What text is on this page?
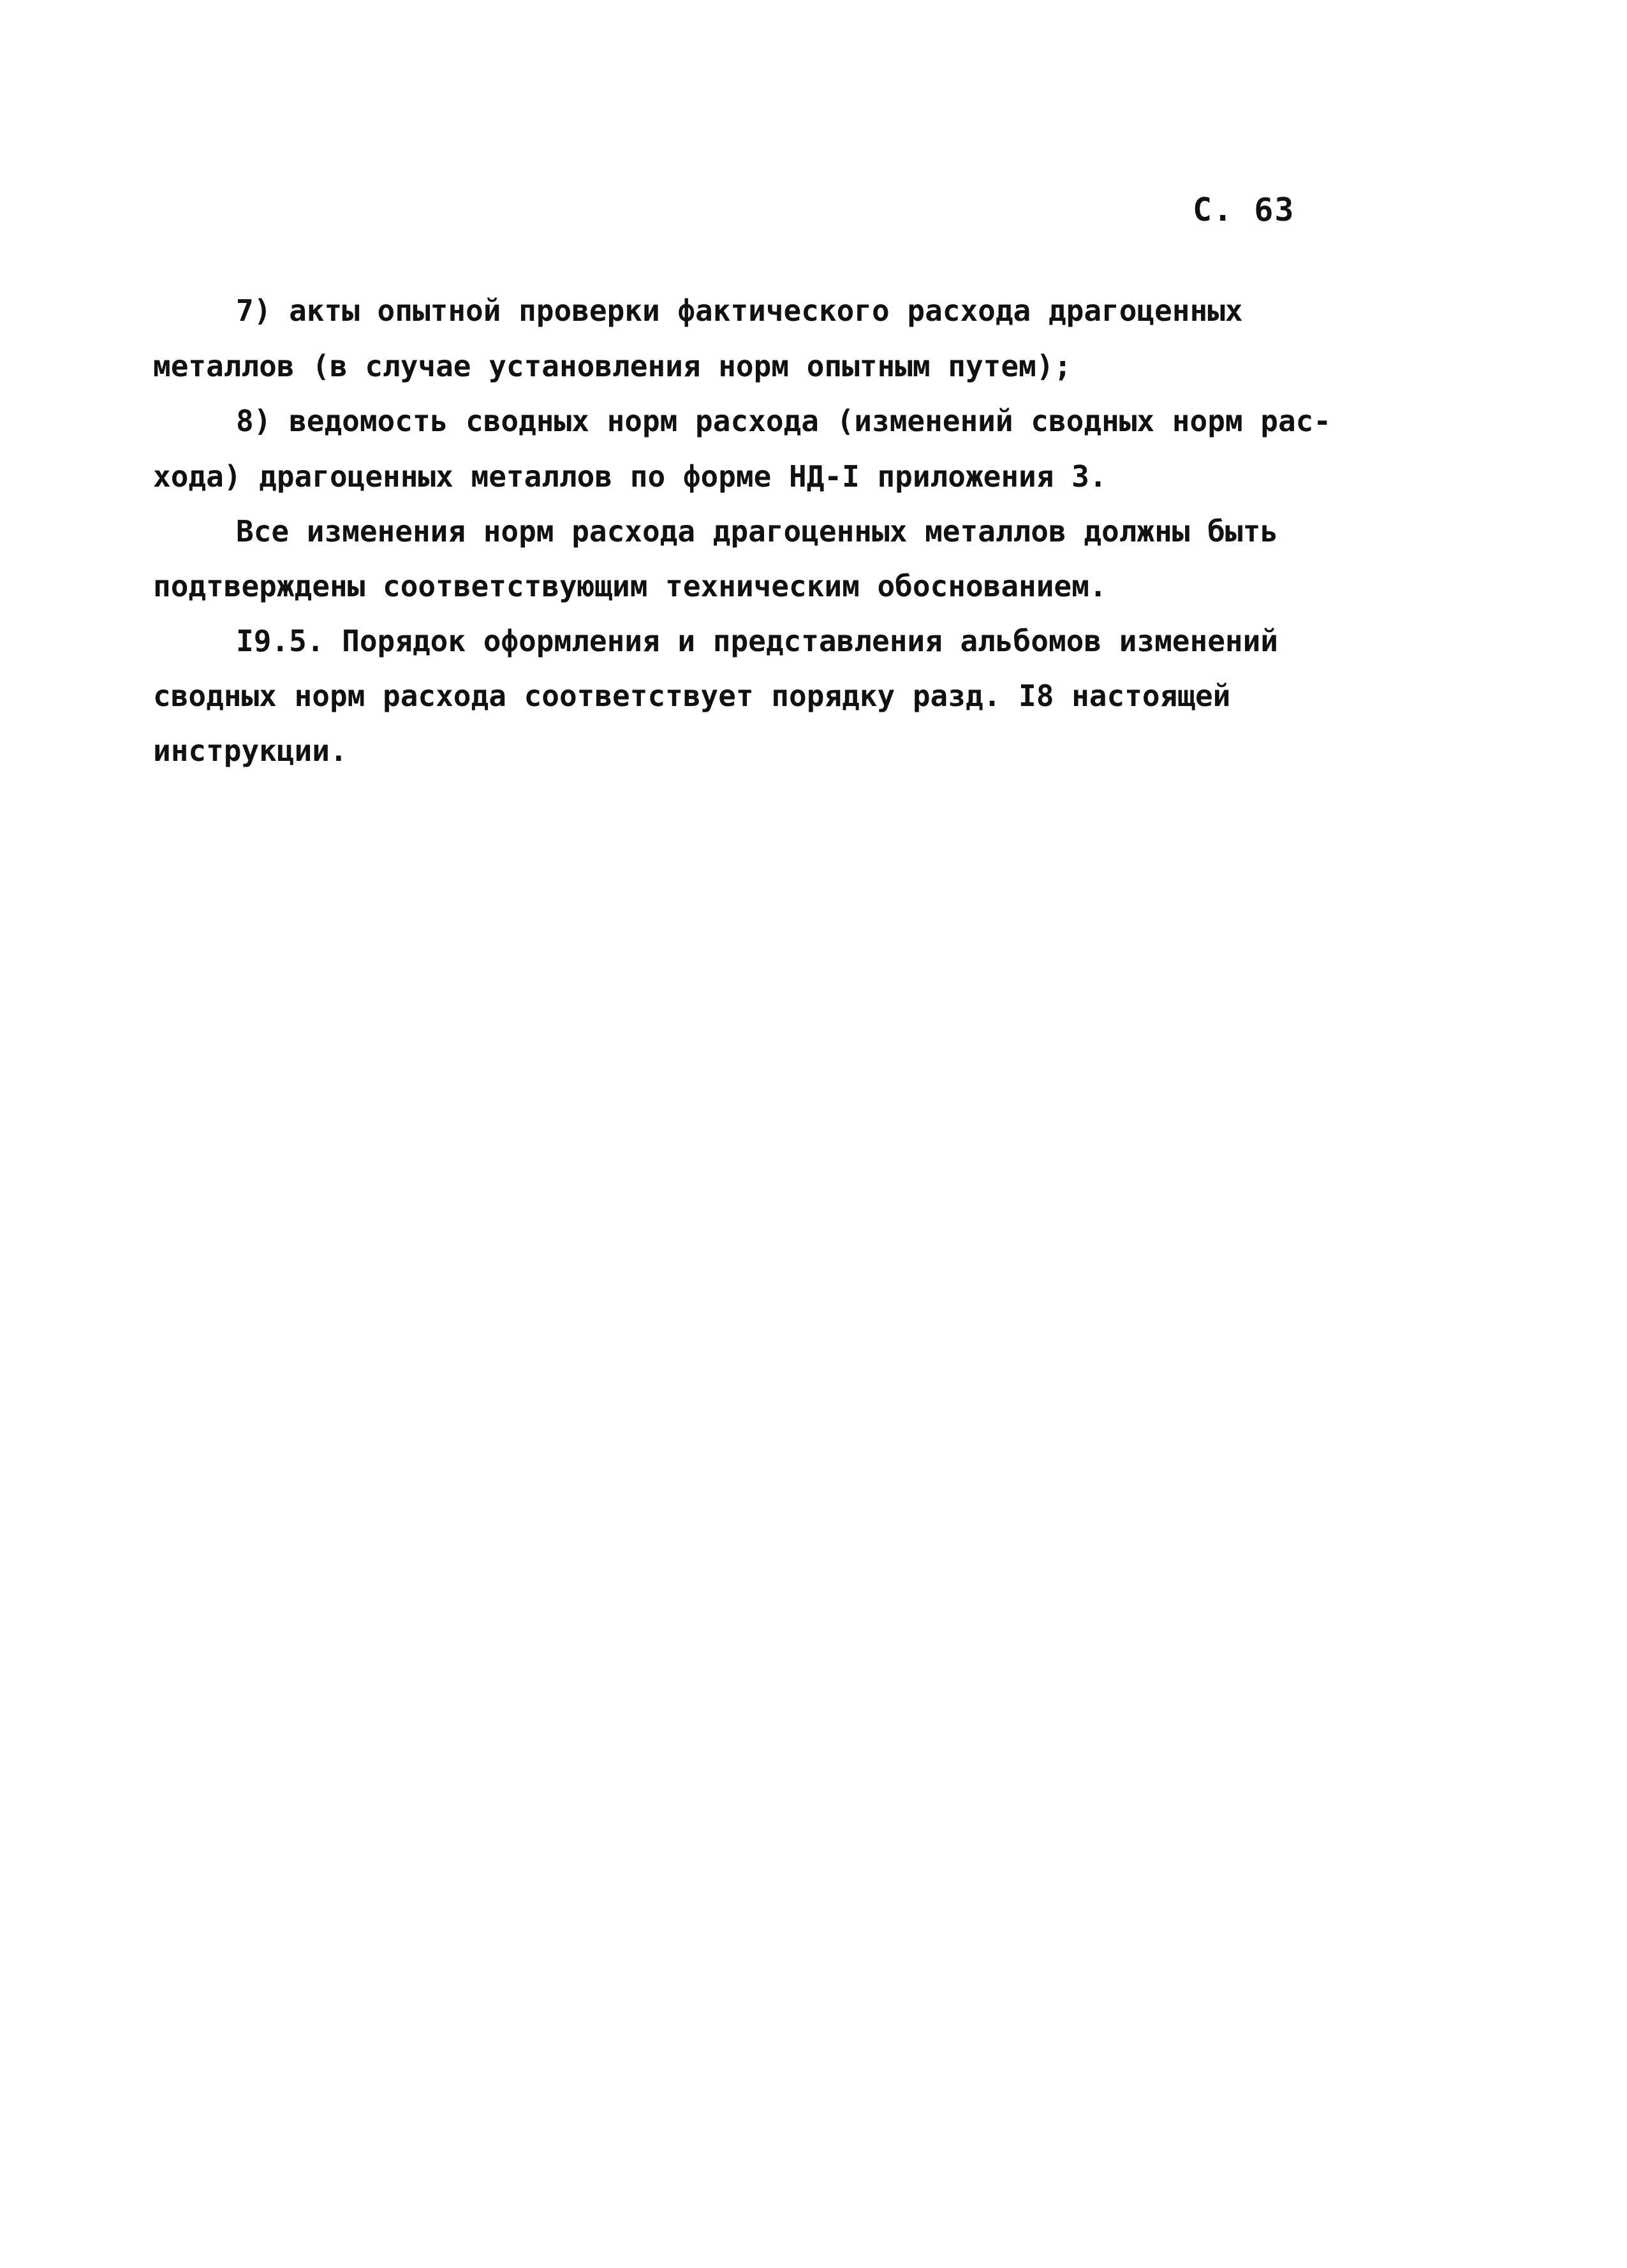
С. 63
7) акты опытной проверки фактического расхода драгоценных
металлов (в случае установления норм опытным путем);
8) ведомость сводных норм расхода (изменений сводных норм рас-
хода) драгоценных металлов по форме НД-I приложения 3.
Все изменения норм расхода драгоценных металлов должны быть
подтверждены соответствующим техническим обоснованием.
I9.5. Порядок оформления и представления альбомов изменений
сводных норм расхода соответствует порядку разд. I8 настоящей
инструкции.
